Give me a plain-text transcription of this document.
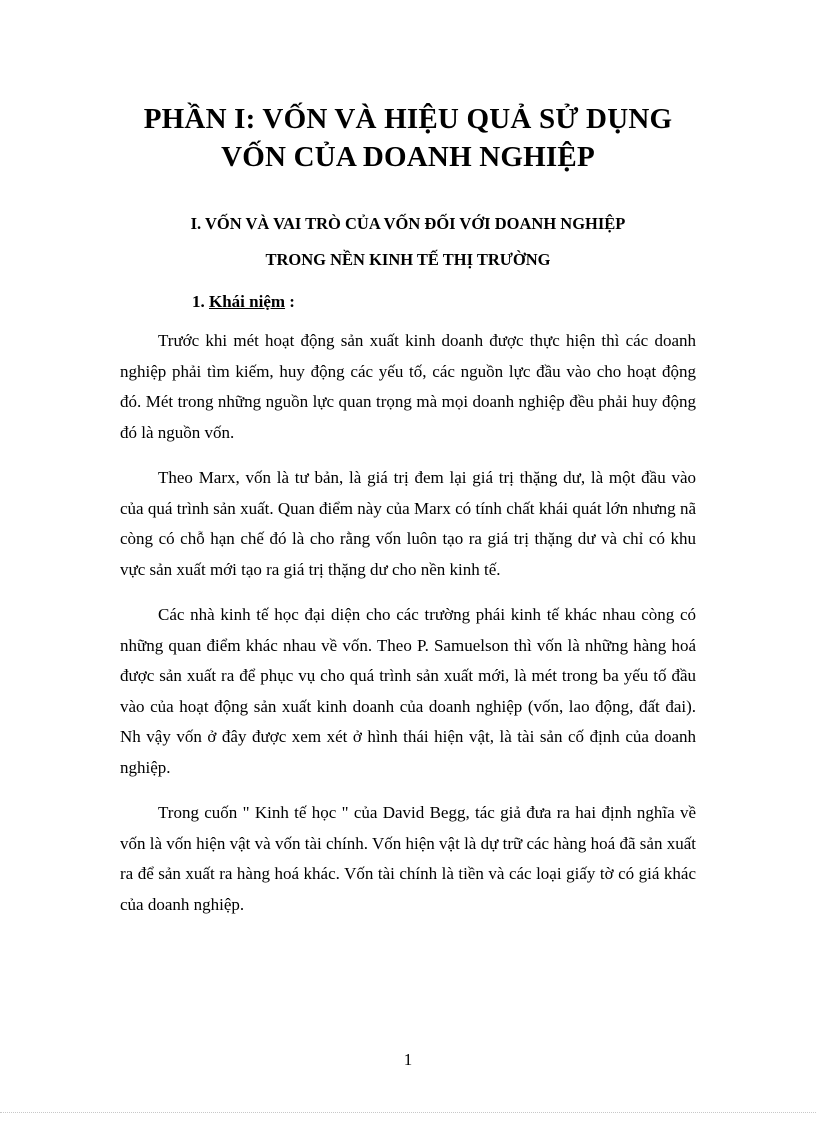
PHẦN I: VỐN VÀ HIỆU QUẢ SỬ DỤNG
VỐN CỦA DOANH NGHIỆP
I. VỐN VÀ VAI TRÒ CỦA VỐN ĐỐI VỚI DOANH NGHIỆP
TRONG NỀN KINH TẾ THỊ TRƯỜNG
1. Khái niệm :

Trước khi mét hoạt động sản xuất kinh doanh được thực hiện thì các doanh nghiệp phải tìm kiếm, huy động các yếu tố, các nguồn lực đầu vào cho hoạt động đó. Mét trong những nguồn lực quan trọng mà mọi doanh nghiệp đều phải huy động đó là nguồn vốn.

Theo Marx, vốn là tư bản, là giá trị đem lại giá trị thặng dư, là một đầu vào của quá trình sản xuất. Quan điểm này của Marx có tính chất khái quát lớn nhưng nã còng có chỗ hạn chế đó là cho rằng vốn luôn tạo ra giá trị thặng dư và chỉ có khu vực sản xuất mới tạo ra giá trị thặng dư cho nền kinh tế.

Các nhà kinh tế học đại diện cho các trường phái kinh tế khác nhau còng có những quan điểm khác nhau về vốn. Theo P. Samuelson thì vốn là những hàng hoá được sản xuất ra để phục vụ cho quá trình sản xuất mới, là mét trong ba yếu tố đầu vào của hoạt động sản xuất kinh doanh của doanh nghiệp (vốn, lao động, đất đai). Nh vậy vốn ở đây được xem xét ở hình thái hiện vật, là tài sản cố định của doanh nghiệp.

Trong cuốn " Kinh tế học " của David Begg, tác giả đưa ra hai định nghĩa về vốn là vốn hiện vật và vốn tài chính. Vốn hiện vật là dự trữ các hàng hoá đã sản xuất ra để sản xuất ra hàng hoá khác. Vốn tài chính là tiền và các loại giấy tờ có giá khác của doanh nghiệp.

1
